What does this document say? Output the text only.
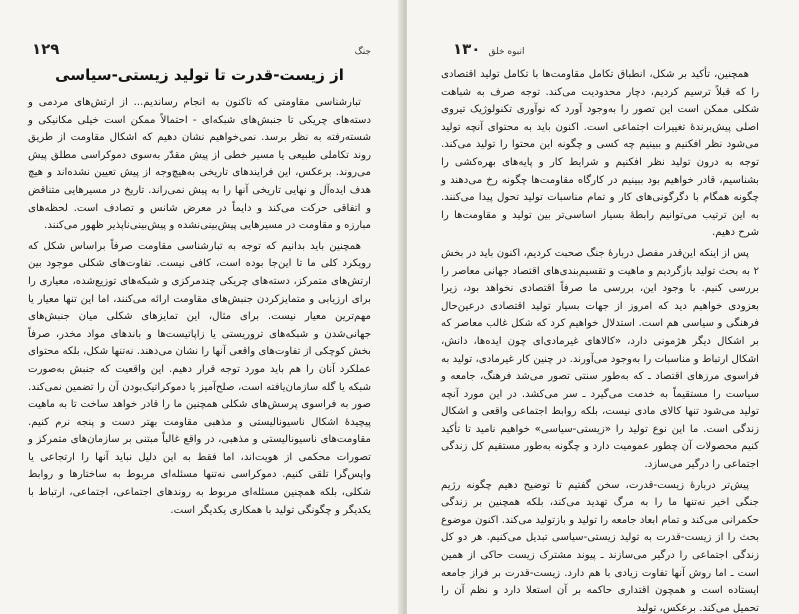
۱۲۹	جنگ
از زیست-قدرت تا تولید زیستی-سیاسی

تبارشناسی مقاومتی که تاکنون به انجام رساندیم... از ارتش‌های مردمی و دسته‌های چریکی تا جنبش‌های شبکه‌ای - احتمالاً ممکن است خیلی مکانیکی و شسته‌رفته به نظر برسد. نمی‌خواهیم نشان دهیم که اشکال مقاومت از طریق روند تکاملی طبیعی یا مسیر خطی از پیش مقدّر به‌سوی دموکراسی مطلق پیش می‌روند. برعکس، این فرایندهای تاریخی به‌هیچ‌وجه از پیش تعیین نشده‌اند و هیچ هدف ایده‌آل و نهایی تاریخی آنها را به پیش نمی‌راند. تاریخ در مسیرهایی متناقض و اتفاقی حرکت می‌کند و دایماً در معرض شانس و تصادف است. لحظه‌های مبارزه و مقاومت در مسیرهایی پیش‌بینی‌نشده و پیش‌بینی‌ناپذیر ظهور می‌کنند.

همچنین باید بدانیم که توجه به تبارشناسی مقاومت صرفاً براساس شکل که رویکرد کلی ما تا این‌جا بوده است، کافی نیست. تفاوت‌های شکلی موجود بین ارتش‌های متمرکز، دسته‌های چریکی چندمرکزی و شبکه‌های توزیع‌شده، معیاری را برای ارزیابی و متمایزکردن جنبش‌های مقاومت ارائه می‌کنند، اما این تنها معیار یا مهم‌ترین معیار نیست. برای مثال، این تمایزهای شکلی میان جنبش‌های جهانی‌شدن و شبکه‌های تروریستی یا زاپاتیست‌ها و باندهای مواد مخدر، صرفاً بخش کوچکی از تفاوت‌های واقعی آنها را نشان می‌دهند. نه‌تنها شکل، بلکه محتوای عملکرد آنان را هم باید مورد توجه قرار دهیم. این واقعیت که جنبش به‌صورت شبکه یا گله سازمان‌یافته است، صلح‌آمیز یا دموکراتیک‌بودن آن را تضمین نمی‌کند. صور به فراسوی پرسش‌های شکلی همچنین ما را قادر خواهد ساخت تا به ماهیت پیچیدهٔ اشکال ناسیونالیستی و مذهبی مقاومت بهتر دست و پنجه نرم کنیم. مقاومت‌های ناسیونالیستی و مذهبی، در واقع غالباً مبتنی بر سازمان‌های متمرکز و تصورات محکمی از هویت‌اند، اما فقط به این دلیل نباید آنها را ارتجاعی یا واپس‌گرا تلقی کنیم. دموکراسی نه‌تنها مسئله‌ای مربوط به ساختارها و روابط شکلی، بلکه همچنین مسئله‌ای مربوط به روندهای اجتماعی، اجتماعی، ارتباط با یکدیگر و چگونگی تولید با همکاری یکدیگر است.

۱۳۰ انبوه خلق

همچنین، تأکید بر شکل، انطباق تکامل مقاومت‌ها با تکامل تولید اقتصادی را که قبلاً ترسیم کردیم، دچار محدودیت می‌کند. توجه صرف به شباهت شکلی ممکن است این تصور را به‌وجود آورد که نوآوری تکنولوژیک تیروی اصلی پیش‌برندهٔ تغییرات اجتماعی است. اکنون باید به محتوای آنچه تولید می‌شود نظر افکنیم و ببینیم چه کسی و چگونه این محتوا را تولید می‌کند. توجه به درون تولید نظر افکنیم و شرایط کار و پایه‌های بهره‌کشی را بشناسیم، قادر خواهیم بود ببینیم در کارگاه مقاومت‌ها چگونه رخ می‌دهند و چگونه همگام با دگرگونی‌های کار و تمام مناسبات تولید تحول پیدا می‌کنند. به این ترتیب می‌توانیم رابطهٔ بسیار اساسی‌تر بین تولید و مقاومت‌ها را شرح دهیم.

پس از اینکه این‌قدر مفصل دربارهٔ جنگ صحبت کردیم، اکنون باید در بخش ۲ به بحث تولید بازگردیم و ماهیت و تقسیم‌بندی‌های اقتصاد جهانی معاصر را بررسی کنیم. با وجود این، بررسی ما صرفاً اقتصادی نخواهد بود، زیرا بعزودی خواهیم دید که امروز از جهات بسیار تولید اقتصادی درعین‌حال فرهنگی و سیاسی هم است. استدلال خواهیم کرد که شکل غالب معاصر که بر اشکال دیگر هژمونی دارد، «کالاهای غیرمادی‌ای چون ایده‌ها، دانش، اشکال ارتباط و مناسبات را به‌وجود می‌آورند. در چنین کار غیرمادی، تولید به فراسوی مرزهای اقتصاد ـ که به‌طور سنتی تصور می‌شد فرهنگ، جامعه و سیاست را مستقیماً به خدمت می‌گیرد ـ سر می‌کشد. در این مورد آنچه تولید می‌شود تنها کالای مادی نیست، بلکه روابط اجتماعی واقعی و اشکال زندگی است. ما این نوع تولید را «زیستی-سیاسی» خواهیم نامید تا تأکید کنیم محصولات آن چطور عمومیت دارد و چگونه به‌طور مستقیم کل زندگی اجتماعی را درگیر می‌سازد.

پیش‌تر دربارهٔ زیست-قدرت، سخن گفتیم تا توضیح دهیم چگونه رژیم جنگی اخیر نه‌تنها ما را به مرگ تهدید می‌کند، بلکه همچنین بر زندگی حکمرانی می‌کند و تمام ابعاد جامعه را تولید و بازتولید می‌کند. اکنون موضوع بحث را از زیست-قدرت به تولید زیستی-سیاسی تبدیل می‌کنیم. هر دو کل زندگی اجتماعی را درگیر می‌سازند ـ پیوند مشترک زیست حاکی از همین است ـ اما روش آنها تفاوت زیادی با هم دارد. زیست-قدرت بر فراز جامعه ایستاده است و همچون اقتداری حاکمه بر آن استعلا دارد و نظم آن را تحمیل می‌کند. برعکس، تولید
